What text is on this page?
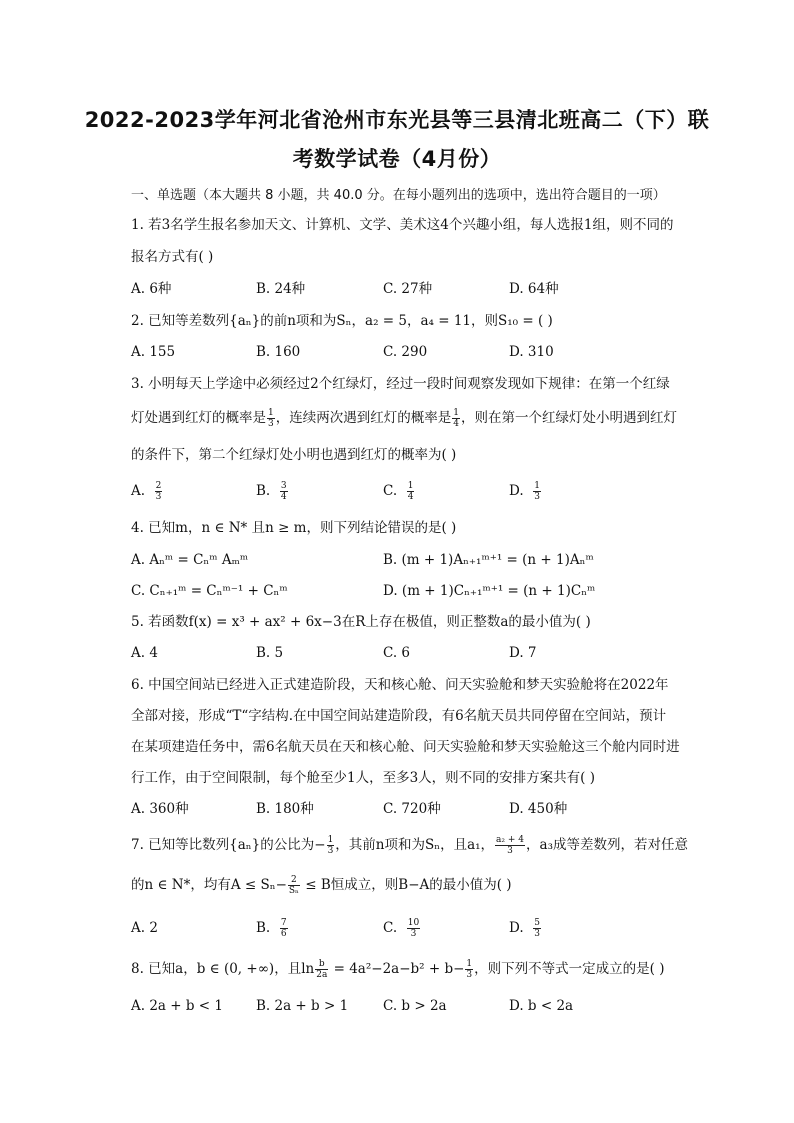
2022-2023学年河北省沧州市东光县等三县清北班高二（下）联
考数学试卷（4月份）
一、单选题（本大题共 8 小题，共 40.0 分。在每小题列出的选项中，选出符合题目的一项）
1. 若3名学生报名参加天文、计算机、文学、美术这4个兴趣小组，每人选报1组，则不同的
报名方式有( )
A. 6种	B. 24种	C. 27种	D. 64种
2. 已知等差数列{aₙ}的前n项和为Sₙ，a₂ = 5，a₄ = 11，则S₁₀ = ( )
A. 155	B. 160	C. 290	D. 310
3. 小明每天上学途中必须经过2个红绿灯，经过一段时间观察发现如下规律：在第一个红绿
灯处遇到红灯的概率是 $\frac{1}{3}$ ，连续两次遇到红灯的概率是 $\frac{1}{4}$ ，则在第一个红绿灯处小明遇到红灯
的条件下，第二个红绿灯处小明也遇到红灯的概率为( )
A. $\frac{2}{3}$	B. $\frac{3}{4}$	C. $\frac{1}{4}$	D. $\frac{1}{3}$
4. 已知m，n ∈ N* 且n ≥ m，则下列结论错误的是( )
A. Aₙᵐ = Cₙᵐ Aₘᵐ	B. (m + 1)Aₙ₊₁ᵐ⁺¹ = (n + 1)Aₙᵐ
C. Cₙ₊₁ᵐ = Cₙᵐ⁻¹ + Cₙᵐ	D. (m + 1)Cₙ₊₁ᵐ⁺¹ = (n + 1)Cₙᵐ
5. 若函数f(x) = x³ + ax² + 6x−3在R上存在极值，则正整数a的最小值为( )
A. 4	B. 5	C. 6	D. 7
6. 中国空间站已经进入正式建造阶段，天和核心舱、问天实验舱和梦天实验舱将在2022年
全部对接，形成“T“字结构.在中国空间站建造阶段，有6名航天员共同停留在空间站，预计
在某项建造任务中，需6名航天员在天和核心舱、问天实验舱和梦天实验舱这三个舱内同时进
行工作，由于空间限制，每个舱至少1人，至多3人，则不同的安排方案共有( )
A. 360种	B. 180种	C. 720种	D. 450种
7. 已知等比数列{aₙ}的公比为− $\frac{1}{3}$ ，其前n项和为Sₙ，且a₁， $\frac{\text{a₂ + 4}}{3}$ ，a₃成等差数列，若对任意
的n ∈ N*，均有$A \le S_n- \frac{2}{\text{Sₙ}} \le B$恒成立，则B−A的最小值为( )
A. 2	B. $\frac{7}{6}$	C. $\frac{10}{3}$	D. $\frac{5}{3}$
8. 已知a，b ∈ (0, +∞)，且$\ln \frac{b}{2a} = 4a^2-2a-b^2 + b- \frac{1}{3}$ ，则下列不等式一定成立的是( )
A. 2a + b < 1 B. 2a + b > 1	C. b > 2a	D. b < 2a
